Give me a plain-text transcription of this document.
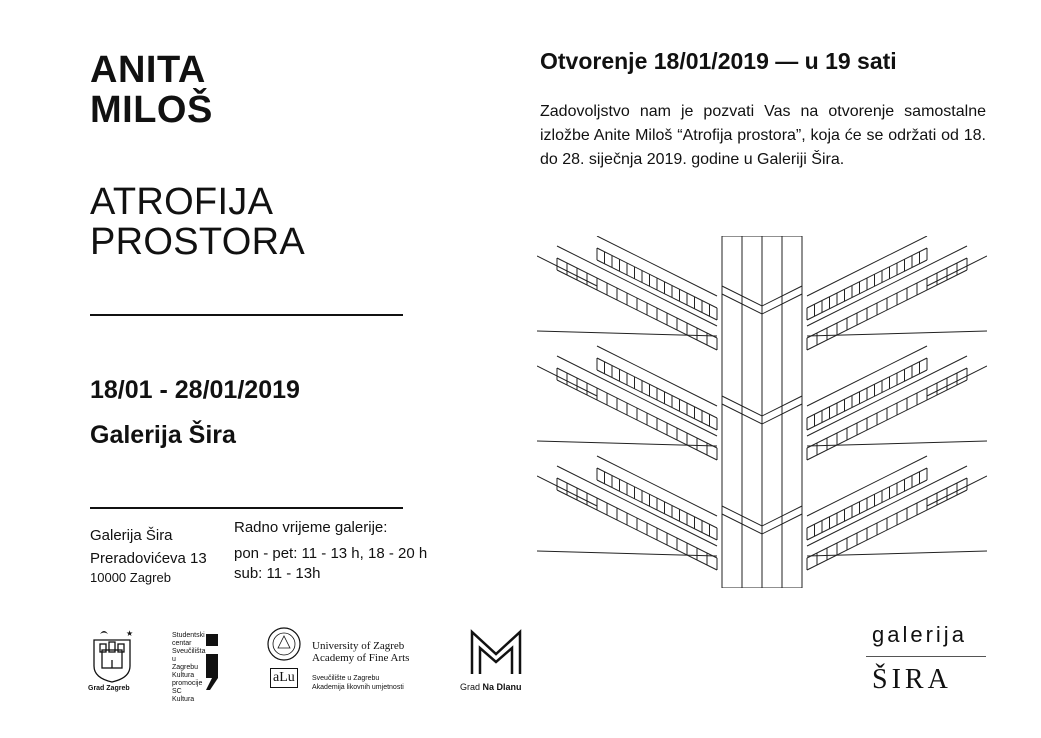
ANITA
MILOŠ
ATROFIJA
PROSTORA
18/01 - 28/01/2019
Galerija Šira
Galerija Šira
Preradovićeva 13
10000 Zagreb
Radno vrijeme galerije:
pon - pet: 11 - 13 h, 18 - 20 h
sub: 11 - 13h
Otvorenje 18/01/2019 — u 19 sati
Zadovoljstvo nam je pozvati Vas na otvorenje samostalne izložbe Anite Miloš “Atrofija prostora”, koja će se održati od 18. do 28. siječnja 2019. godine u Galeriji Šira.
★
Grad Zagreb
Studentski
centar
Sveučilišta
u Zagrebu
Kultura
promocije
SC
Kultura
University of Zagreb
Academy of Fine Arts
aLu	Sveučilište u Zagrebu
Akademija likovnih umjetnosti	Grad Na Dlanu
galerija
ŠIRA
